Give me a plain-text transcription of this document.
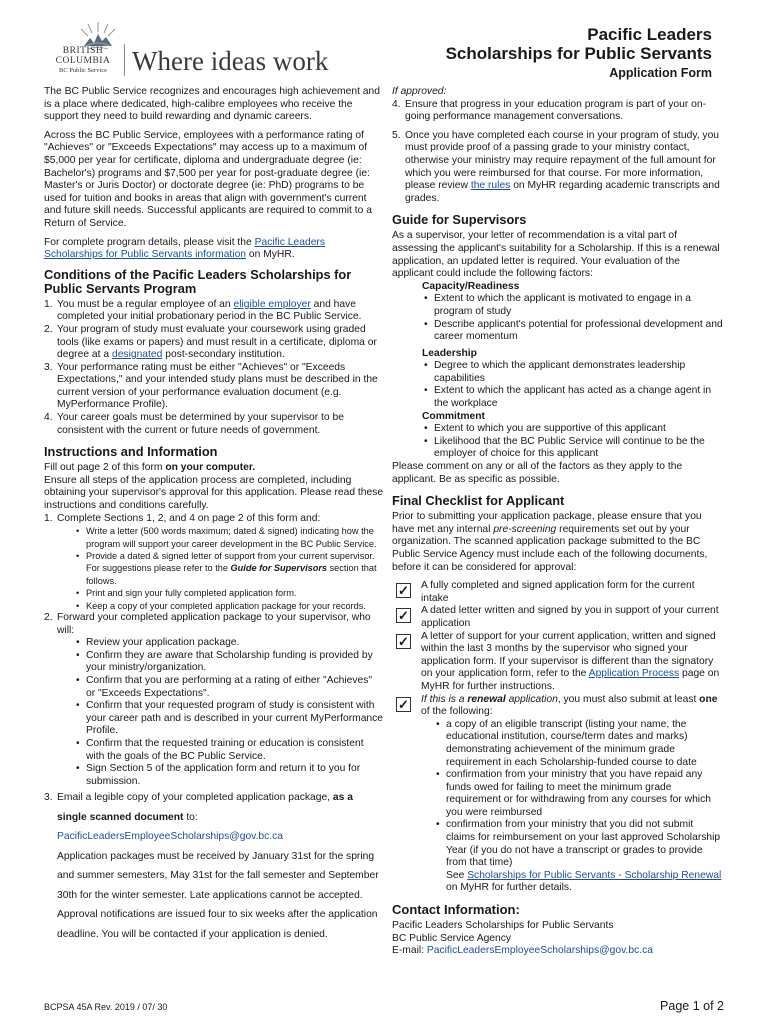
BRITISH
COLUMBIA
BC Public Service Where ideas work
Pacific Leaders
Scholarships for Public Servants
Application Form

The BC Public Service recognizes and encourages high achievement and is a place where dedicated, high-calibre employees who receive the support they need to build rewarding and dynamic careers.

Across the BC Public Service, employees with a performance rating of "Achieves" or "Exceeds Expectations" may access up to a maximum of $5,000 per year for certificate, diploma and undergraduate degree (ie: Bachelor's) programs and $7,500 per year for post-graduate degree (ie: Master's or Juris Doctor) or doctorate degree (ie: PhD) programs to be used for tuition and books in areas that align with government's current and future skill needs. Successful applicants are required to commit to a Return of Service.

For complete program details, please visit the Pacific Leaders Scholarships for Public Servants information on MyHR.

Conditions of the Pacific Leaders Scholarships for Public Servants Program
1. You must be a regular employee of an eligible employer and have completed your initial probationary period in the BC Public Service.
2. Your program of study must evaluate your coursework using graded tools (like exams or papers) and must result in a certificate, diploma or degree at a designated post-secondary institution.
3. Your performance rating must be either "Achieves" or "Exceeds Expectations," and your intended study plans must be described in the current version of your performance evaluation document (e.g. MyPerformance Profile).
4. Your career goals must be determined by your supervisor to be consistent with the current or future needs of government.
Instructions and Information
Fill out page 2 of this form on your computer.
Ensure all steps of the application process are completed, including obtaining your supervisor's approval for this application. Please read these instructions and conditions carefully.
1. Complete Sections 1, 2, and 4 on page 2 of this form and:
• Write a letter (500 words maximum; dated & signed) indicating how the program will support your career development in the BC Public Service.
• Provide a dated & signed letter of support from your current supervisor. For suggestions please refer to the Guide for Supervisors section that follows.
• Print and sign your fully completed application form.
• Keep a copy of your completed application package for your records.
2. Forward your completed application package to your supervisor, who will:
• Review your application package.
• Confirm they are aware that Scholarship funding is provided by your ministry/organization.
• Confirm that you are performing at a rating of either "Achieves" or "Exceeds Expectations".
• Confirm that your requested program of study is consistent with your career path and is described in your current MyPerformance Profile.
• Confirm that the requested training or education is consistent with the goals of the BC Public Service.
• Sign Section 5 of the application form and return it to you for submission.
3. Email a legible copy of your completed application package, as a single scanned document to:
PacificLeadersEmployeeScholarships@gov.bc.ca
Application packages must be received by January 31st for the spring and summer semesters, May 31st for the fall semester and September 30th for the winter semester. Late applications cannot be accepted. Approval notifications are issued four to six weeks after the application deadline. You will be contacted if your application is denied.
If approved:
4. Ensure that progress in your education program is part of your on-going performance management conversations.
5. Once you have completed each course in your program of study, you must provide proof of a passing grade to your ministry contact, otherwise your ministry may require repayment of the full amount for which you were reimbursed for that course. For more information, please review the rules on MyHR regarding academic transcripts and grades.
Guide for Supervisors
As a supervisor, your letter of recommendation is a vital part of assessing the applicant's suitability for a Scholarship. If this is a renewal application, an updated letter is required. Your evaluation of the applicant could include the following factors:
Capacity/Readiness
• Extent to which the applicant is motivated to engage in a program of study
• Describe applicant's potential for professional development and career momentum
Leadership
• Degree to which the applicant demonstrates leadership capabilities
• Extent to which the applicant has acted as a change agent in the workplace
Commitment
• Extent to which you are supportive of this applicant
• Likelihood that the BC Public Service will continue to be the employer of choice for this applicant
Please comment on any or all of the factors as they apply to the applicant. Be as specific as possible.
Final Checklist for Applicant

Prior to submitting your application package, please ensure that you have met any internal pre-screening requirements set out by your organization. The scanned application package submitted to the BC Public Service Agency must include each of the following documents, before it can be considered for approval:

✓ A fully completed and signed application form for the current intake
✓ A dated letter written and signed by you in support of your current application
✓ A letter of support for your current application, written and signed within the last 3 months by the supervisor who signed your application form. If your supervisor is different than the signatory on your application form, refer to the Application Process page on MyHR for further instructions.
✓ If this is a renewal application, you must also submit at least one of the following:
• a copy of an eligible transcript (listing your name, the educational institution, course/term dates and marks) demonstrating achievement of the minimum grade requirement in each Scholarship-funded course to date
• confirmation from your ministry that you have repaid any funds owed for failing to meet the minimum grade requirement or for withdrawing from any courses for which you were reimbursed
• confirmation from your ministry that you did not submit claims for reimbursement on your last approved Scholarship Year (if you do not have a transcript or grades to provide from that time)
See Scholarships for Public Servants - Scholarship Renewal on MyHR for further details.
Contact Information:
Pacific Leaders Scholarships for Public Servants
BC Public Service Agency
E-mail: PacificLeadersEmployeeScholarships@gov.bc.ca
BCPSA 45A Rev. 2019 / 07/ 30	Page 1 of 2
